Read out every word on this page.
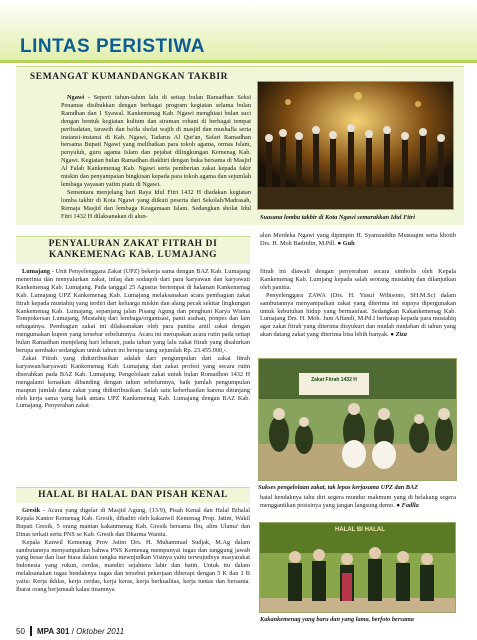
LINTAS PERISTIWA
SEMANGAT KUMANDANGKAN TAKBIR

Ngawi - Seperti tahun-tahun lalu di setiap bulan Ramadhan Seksi Penamas disibukkan dengan berbagai program kegiatan selama bulan Ramdhan dan 1 Syawal. Kankemenag Kab. Ngawi menghiasi bulan suci dengan bentuk kegiatan kultum dan siraman rohani di berbagai tempat peribadatan, tarawih dan ba'da sholat wajib di masjid dan mushalla serta instansi-instansi di Kab. Ngawi, Tadarus Al Qur'an, Safari Ramadhan bersama Bupati Ngawi yang melibatkan para tokoh agama, ormas Islam, penyuluh, guru agama Islam dan pejabat dilingkungan Kemenag Kab. Ngawi. Kegiatan bulan Ramadhan diakhiri dengan buka bersama di Masjid Al Falah Kankemenag Kab. Ngawi serta pemberian zakat kepada fakir miskin dan penyampaian bingkisan kepada para tokoh agama dan sejumlah lembaga yayasan yatim piatu di Ngawi.

Sementara menjelang hari Raya Idul Fitri 1432 H diadakan kegiatan lomba takbir di Kota Ngawi yang diikuti peserta dari Sekolah/Madrasah, Remaja Masjid dan lembaga Keagamaan Islam. Sedangkan sholat Idul Fitri 1432 H dilaksanakan di alun-	Suasana lomba takbir di Kota Ngawi semarakkan Idul Fitri
alun Merdeka Ngawi yang dipimpin H. Syamsuddin Mustaqim serta khotib Drs. H. Moh Badridin, M.Pdl. ● Guh
PENYALURAN ZAKAT FITRAH DI KANKEMENAG KAB. LUMAJANG

Lumajang - Unit Penyelenggara Zakat (UPZ) bekerja sama dengan BAZ Kab. Lumajang menerima dan menyalurkan zakat, infaq dan sodaqoh dari para karyawan dan karyawati Kankemenag Kab. Lumajang. Pada tanggal 25 Agustus bertempat di halaman Kankemenag Kab. Lumajang UPZ Kankemenag Kab. Lumajang melaksanakan acara pembagian zakat fitrah kepada mustahiq yang terdiri dari keluarga miskin dan alang pecak sekitar lingkungan Kankemenag Kab. Lumajang, sepanjang jalan Pisang Agung dan penghuni Karya Wisma Tompokersan Lumajang, Mustahiq dari lembaga/organisasi, panti asuhan, ponpes dan lain sebagainya. Pembagian zakat ini dilaksanakan oleh para panitia amil zakat dengan mengumakan kupon yang tersebar sebelumnya. Acara ini merupakan acara rutin pada setiap bulan Ramadhan menjelang hari lebaran, pada tahun yang lalu zakat fitrah yang disalurkan berupa sembako sedangkan untuk tahun ini berupa uang sejumlah Rp. 23.455.000,-.

Zakat Fitrah yang didistribusikan adalah dari pengumpulan dari zakat fitrah karyawan/karyawati Kankemenag Kab. Lumajang dan zakat profesi yang secara rutin diserahkan pada BAZ Kab. Lumajang. Pengelolaan zakat untuk bulan Romadhon 1432 H mengalami kenaikan dibanding dengan tahun sebelumnya, baik jumlah pengumpulan maupun jumlah dana zakat yang didistribusikan. Salah satu keberhasilan karena ditunjang oleh kerja sama yang baik antara UPZ Kankemenag Kab. Lumajang dengan BAZ Kab. Lumajang. Penyerahan zakat

fitrah ini diawali dengan penyerahan secara simbolis oleh Kepala Kankemenag Kab. Lumjang kepada salah seorang mustahiq dan dilanjutkan oleh panitia.

Penyelenggara ZAWA (Drs. H. Yusuf Wibisono, SH.M.Sc) dalam sambutannya menyampaikan zakat yang diterima ini supaya dipergunakan untuk kebutuhan hidup yang bermanfaat. Sedangkan Kakankemenag Kab. Lumajang Drs. H. Moh. Jum Affandi, M.Pd.I berharap kepada para mustahiq agar zakat fitrah yang diterima disyukuri dan mudah mudahan di tahun yang akan datang zakat yang diterima bisa lebih banyak. ● Ziza

Zakat Fitrah 1432 H
Sukses pengelolaan zakat, tak lepas kerjasama UPZ dan BAZ
HALAL BI HALAL DAN PISAH KENAL

Gresik - Acara yang digelar di Masjid Agung, (13/9), Pisah Kenal dan Halal Bihalal Kepala Kantor Kemenag Kab. Gresik, dihadiri oleh kakanwil Kemenag Prop. Jatim, Wakil Bupati Gresik, 5 orang mantan kakanmenag Kab. Gresik bersama Ibu, alim Ulama' dan Dinas terkait serta PNS se Kab. Gresik dan Dharma Wanita.

Kepala Kanwil Kemenag Prov Jatim Drs. H. Muhammad Sudjak, M.Ag dalam sambutannya menyampaikan bahwa PNS Kemenag mempunyai tugas dan tanggung jawab yang besar dan luar biasa dalam rangka mewujudkan Visinya yaitu terwujudnya masyarakat Indonesia yang rukun, cerdas, mandiri sejahtera lahir dan batin. Untuk itu dalam melaksanakan tugas hendaknya tugas dan tersebut pekerjaan diberapi dengan 5 K dan 1 B yaitu: Kerja ikhlas, kerja cerdas, kerja keras, kerja berkualitas, kerja tuntas dan bersama. Ibarat orang berjamaah kalau imamnya

batal hendaknya tahu diri segera mundur makmum yang di belakang segera menggantikan posisinya yang jangan langsung demo. ● Fadlla
HALAL BI HALAL
Kakankemenag yang baru dan yang lama, berfoto bersama
50 MPA 301 / Oktober 2011
